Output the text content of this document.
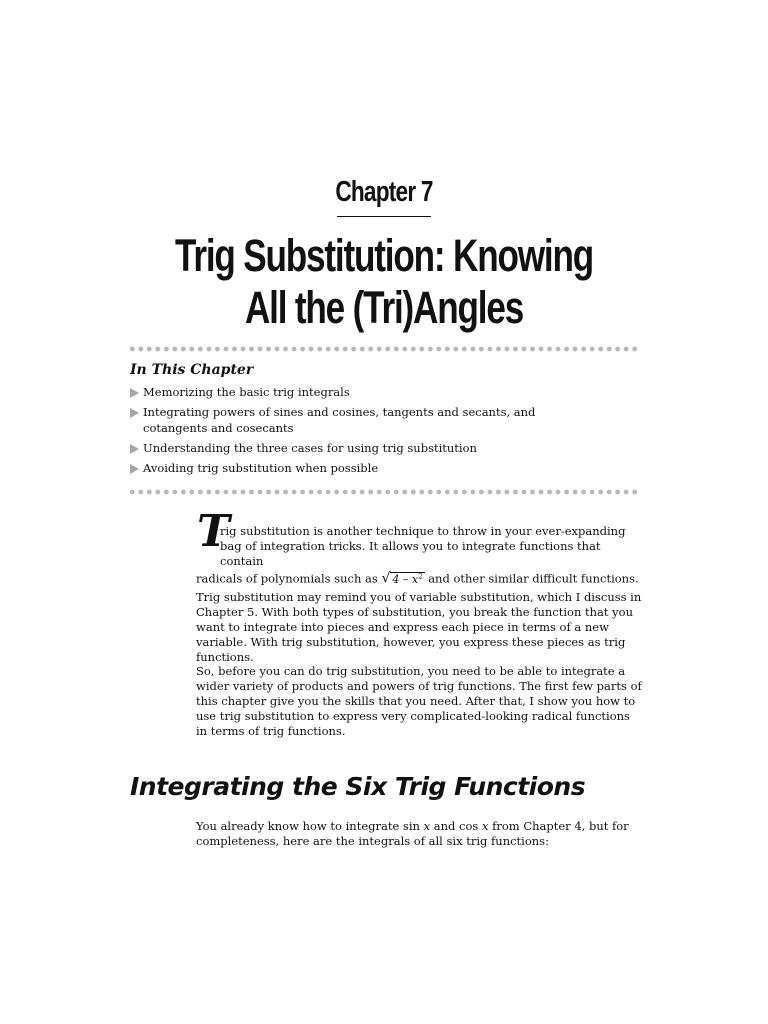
Chapter 7
Trig Substitution: Knowing
All the (Tri)Angles
In This Chapter
Memorizing the basic trig integrals
Integrating powers of sines and cosines, tangents and secants, and cotangents and cosecants
Understanding the three cases for using trig substitution
Avoiding trig substitution when possible
T

rig substitution is another technique to throw in your ever-expanding
bag of integration tricks. It allows you to integrate functions that contain
radicals of polynomials such as √ $4 - x^2$ and other similar difficult functions.

Trig substitution may remind you of variable substitution, which I discuss in Chapter 5. With both types of substitution, you break the function that you want to integrate into pieces and express each piece in terms of a new variable. With trig substitution, however, you express these pieces as trig functions.

So, before you can do trig substitution, you need to be able to integrate a wider variety of products and powers of trig functions. The first few parts of this chapter give you the skills that you need. After that, I show you how to use trig substitution to express very complicated-looking radical functions in terms of trig functions.

Integrating the Six Trig Functions

You already know how to integrate sin x and cos x from Chapter 4, but for completeness, here are the integrals of all six trig functions:
